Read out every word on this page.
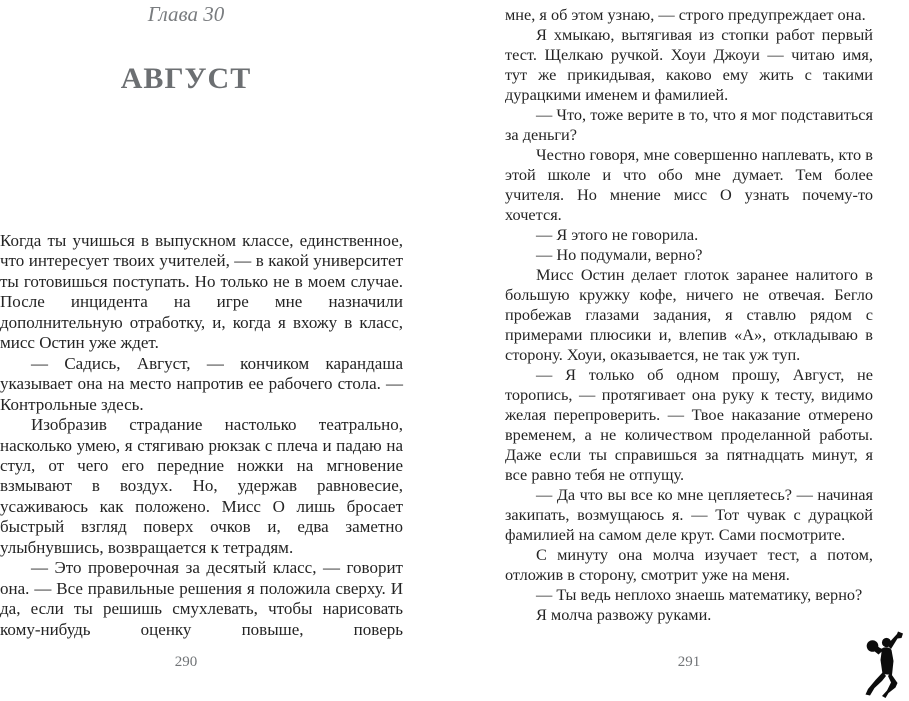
Глава 30
АВГУСТ

Когда ты учишься в выпускном классе, единственное, что интересует твоих учителей, — в какой университет ты готовишься поступать. Но только не в моем случае. После инцидента на игре мне назначили дополнительную отработку, и, когда я вхожу в класс, мисс Остин уже ждет.

— Садись, Август, — кончиком карандаша указывает она на место напротив ее рабочего стола. — Контрольные здесь.

Изобразив страдание настолько театрально, насколько умею, я стягиваю рюкзак с плеча и падаю на стул, от чего его передние ножки на мгновение взмывают в воздух. Но, удержав равновесие, усаживаюсь как положено. Мисс О лишь бросает быстрый взгляд поверх очков и, едва заметно улыбнувшись, возвращается к тетрадям.

— Это проверочная за десятый класс, — говорит она. — Все правильные решения я положила сверху. И да, если ты решишь смухлевать, чтобы нарисовать кому-нибудь оценку повыше, поверь

290

мне, я об этом узнаю, — строго предупреждает она.

Я хмыкаю, вытягивая из стопки работ первый тест. Щелкаю ручкой. Хоуи Джоуи — читаю имя, тут же прикидывая, каково ему жить с такими дурацкими именем и фамилией.

— Что, тоже верите в то, что я мог подставиться за деньги?

Честно говоря, мне совершенно наплевать, кто в этой школе и что обо мне думает. Тем более учителя. Но мнение мисс О узнать почему-то хочется.

— Я этого не говорила.

— Но подумали, верно?

Мисс Остин делает глоток заранее налитого в большую кружку кофе, ничего не отвечая. Бегло пробежав глазами задания, я ставлю рядом с примерами плюсики и, влепив «А», откладываю в сторону. Хоуи, оказывается, не так уж туп.

— Я только об одном прошу, Август, не торопись, — протягивает она руку к тесту, видимо желая перепроверить. — Твое наказание отмерено временем, а не количеством проделанной работы. Даже если ты справишься за пятнадцать минут, я все равно тебя не отпущу.

— Да что вы все ко мне цепляетесь? — начиная закипать, возмущаюсь я. — Тот чувак с дурацкой фамилией на самом деле крут. Сами посмотрите.

С минуту она молча изучает тест, а потом, отложив в сторону, смотрит уже на меня.

— Ты ведь неплохо знаешь математику, верно?

Я молча развожу руками.

291
